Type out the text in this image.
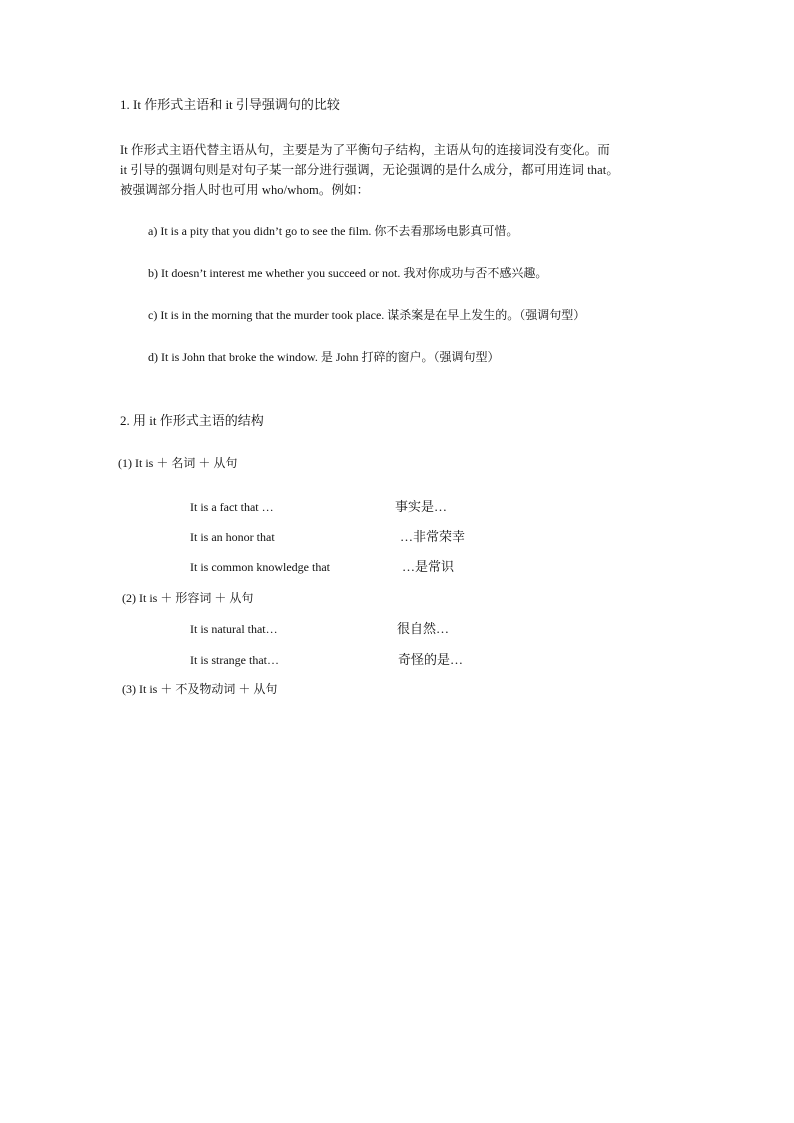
1. It 作形式主语和 it 引导强调句的比较
It 作形式主语代替主语从句，主要是为了平衡句子结构，主语从句的连接词没有变化。而
it 引导的强调句则是对句子某一部分进行强调，无论强调的是什么成分，都可用连词 that。
被强调部分指人时也可用 who/whom。例如：
a) It is a pity that you didn’t go to see the film. 你不去看那场电影真可惜。
b) It doesn’t interest me whether you succeed or not. 我对你成功与否不感兴趣。
c) It is in the morning that the murder took place. 谋杀案是在早上发生的。（强调句型）
d) It is John that broke the window. 是 John 打碎的窗户。（强调句型）
2. 用 it 作形式主语的结构
(1) It is ＋ 名词 ＋ 从句
It is a fact that …	事实是…
It is an honor that	…非常荣幸
It is common knowledge that	…是常识
(2) It is ＋ 形容词 ＋ 从句
It is natural that…	很自然…
It is strange that…	奇怪的是…
(3) It is ＋ 不及物动词 ＋ 从句
